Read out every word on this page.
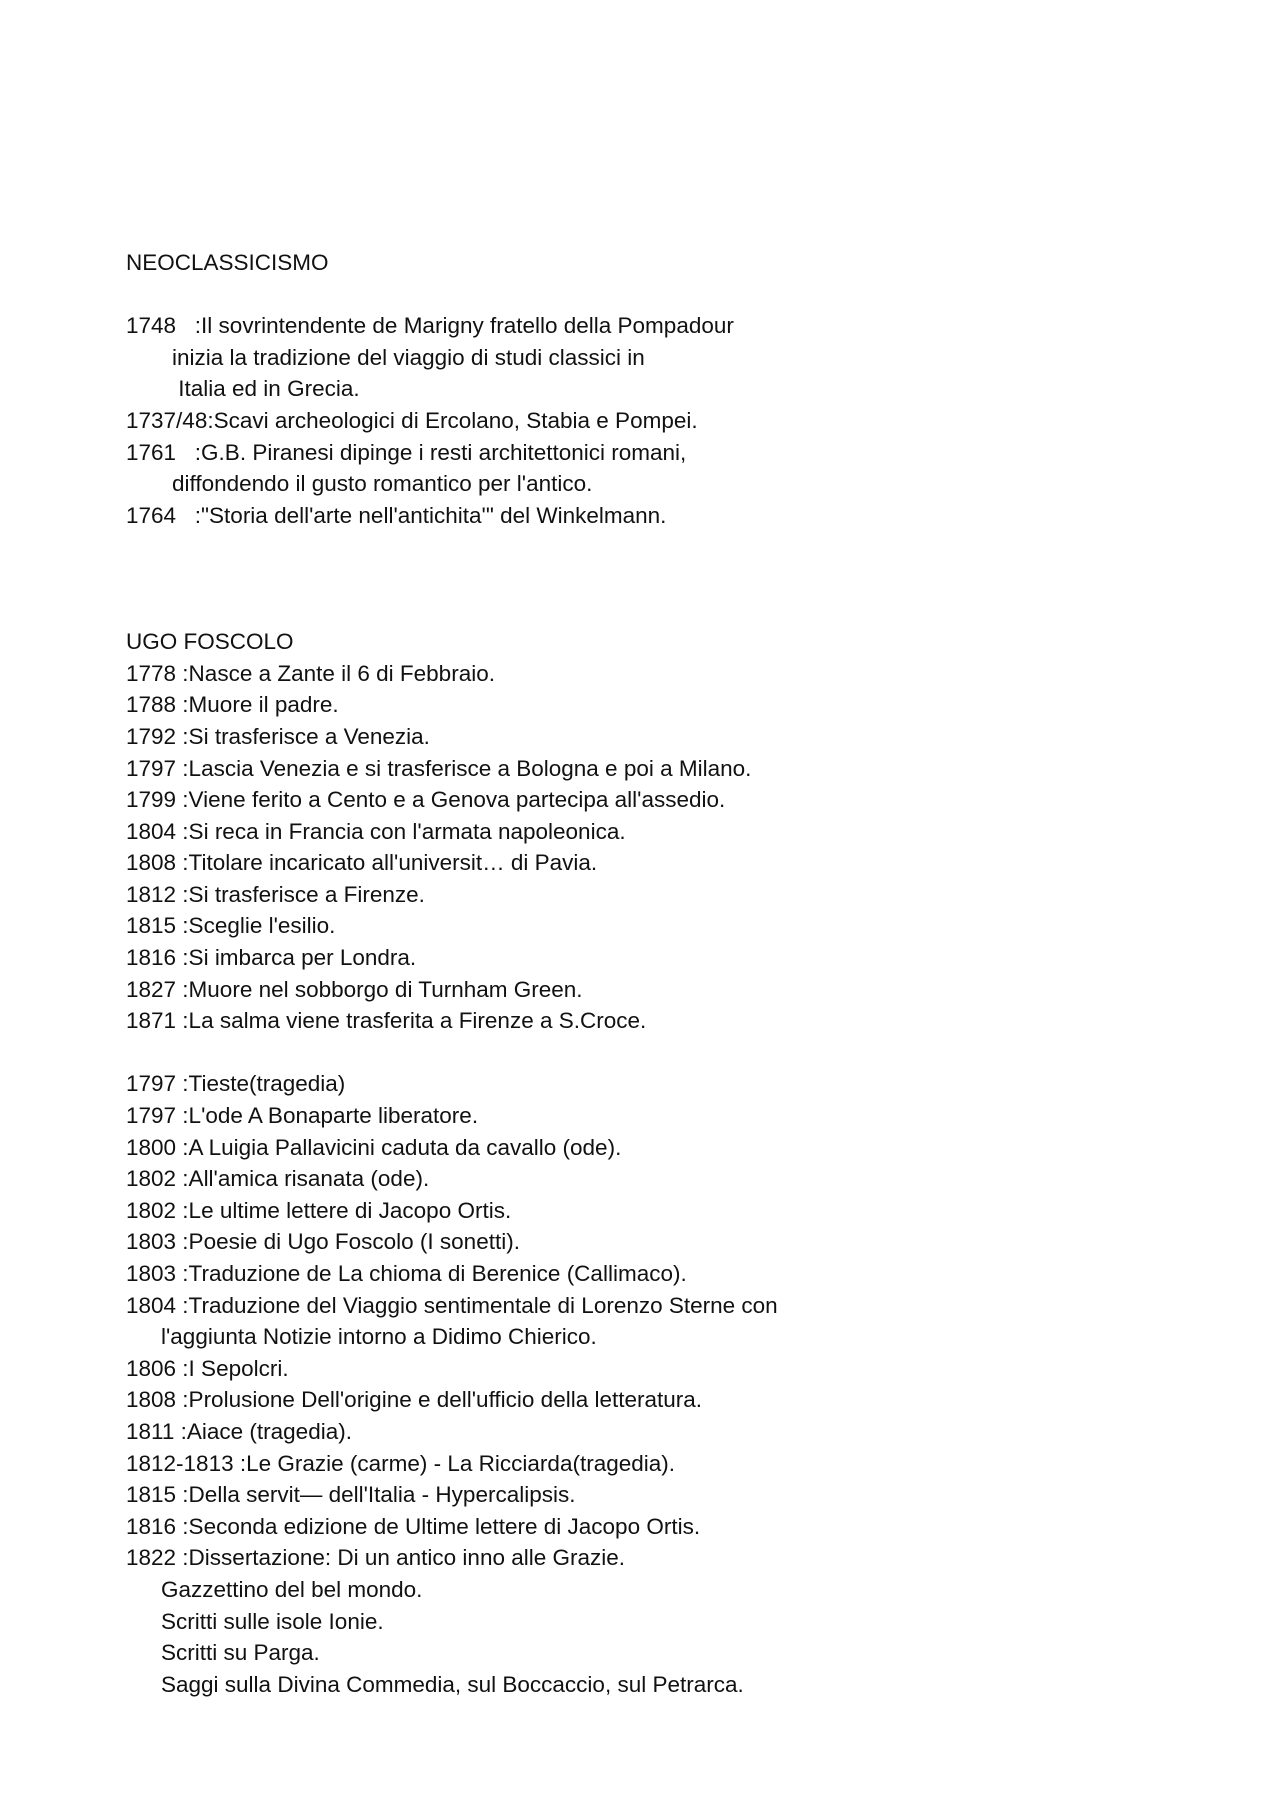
NEOCLASSICISMO
1748   :Il sovrintendente de Marigny fratello della Pompadour
inizia la tradizione del viaggio di studi classici in
Italia ed in Grecia.
1737/48:Scavi archeologici di Ercolano, Stabia e Pompei.
1761   :G.B. Piranesi dipinge i resti architettonici romani,
diffondendo il gusto romantico per l'antico.
1764   :"Storia dell'arte nell'antichita'" del Winkelmann.
UGO FOSCOLO
1778 :Nasce a Zante il 6 di Febbraio.
1788 :Muore il padre.
1792 :Si trasferisce a Venezia.
1797 :Lascia Venezia e si trasferisce a Bologna e poi a Milano.
1799 :Viene ferito a Cento e a Genova partecipa all'assedio.
1804 :Si reca in Francia con l'armata napoleonica.
1808 :Titolare incaricato all'universit… di Pavia.
1812 :Si trasferisce a Firenze.
1815 :Sceglie l'esilio.
1816 :Si imbarca per Londra.
1827 :Muore nel sobborgo di Turnham Green.
1871 :La salma viene trasferita a Firenze a S.Croce.
1797 :Tieste(tragedia)
1797 :L'ode A Bonaparte liberatore.
1800 :A Luigia Pallavicini caduta da cavallo (ode).
1802 :All'amica risanata (ode).
1802 :Le ultime lettere di Jacopo Ortis.
1803 :Poesie di Ugo Foscolo (I sonetti).
1803 :Traduzione de La chioma di Berenice (Callimaco).
1804 :Traduzione del Viaggio sentimentale di Lorenzo Sterne con
l'aggiunta Notizie intorno a Didimo Chierico.
1806 :I Sepolcri.
1808 :Prolusione Dell'origine e dell'ufficio della letteratura.
1811 :Aiace (tragedia).
1812-1813 :Le Grazie (carme) - La Ricciarda(tragedia).
1815 :Della servit— dell'Italia - Hypercalipsis.
1816 :Seconda edizione de Ultime lettere di Jacopo Ortis.
1822 :Dissertazione: Di un antico inno alle Grazie.
Gazzettino del bel mondo.
Scritti sulle isole Ionie.
Scritti su Parga.
Saggi sulla Divina Commedia, sul Boccaccio, sul Petrarca.
